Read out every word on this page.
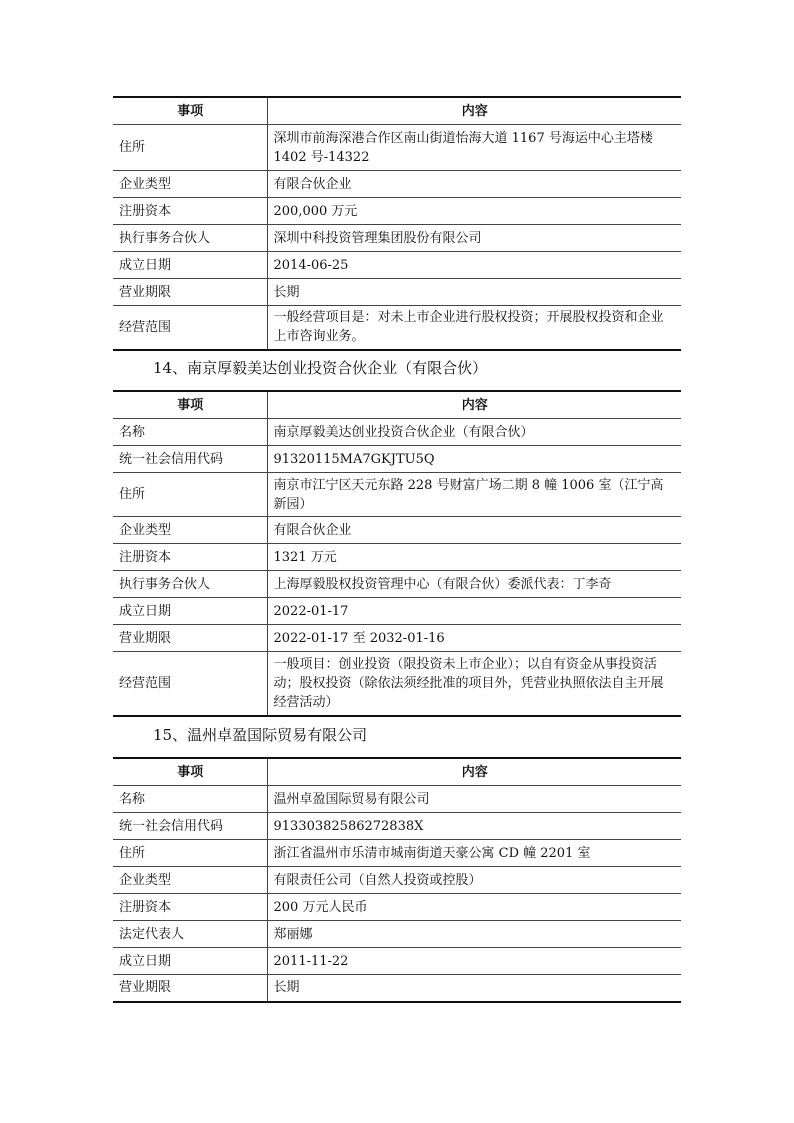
事项	内容
住所	深圳市前海深港合作区南山街道怡海大道 1167 号海运中心主塔楼 1402 号-14322
企业类型	有限合伙企业
注册资本	200,000 万元
执行事务合伙人	深圳中科投资管理集团股份有限公司
成立日期	2014-06-25
营业期限	长期
经营范围	一般经营项目是：对未上市企业进行股权投资；开展股权投资和企业上市咨询业务。
14、南京厚毅美达创业投资合伙企业（有限合伙）
事项	内容
名称	南京厚毅美达创业投资合伙企业（有限合伙）
统一社会信用代码	91320115MA7GKJTU5Q
住所	南京市江宁区天元东路 228 号财富广场二期 8 幢 1006 室（江宁高新园）
企业类型	有限合伙企业
注册资本	1321 万元
执行事务合伙人	上海厚毅股权投资管理中心（有限合伙）委派代表：丁李奇
成立日期	2022-01-17
营业期限	2022-01-17 至 2032-01-16
经营范围	一般项目：创业投资（限投资未上市企业）；以自有资金从事投资活动；股权投资（除依法须经批准的项目外，凭营业执照依法自主开展经营活动）
15、温州卓盈国际贸易有限公司
事项	内容
名称	温州卓盈国际贸易有限公司
统一社会信用代码	91330382586272838X
住所	浙江省温州市乐清市城南街道天豪公寓 CD 幢 2201 室
企业类型	有限责任公司（自然人投资或控股）
注册资本	200 万元人民币
法定代表人	郑丽娜
成立日期	2011-11-22
营业期限	长期
